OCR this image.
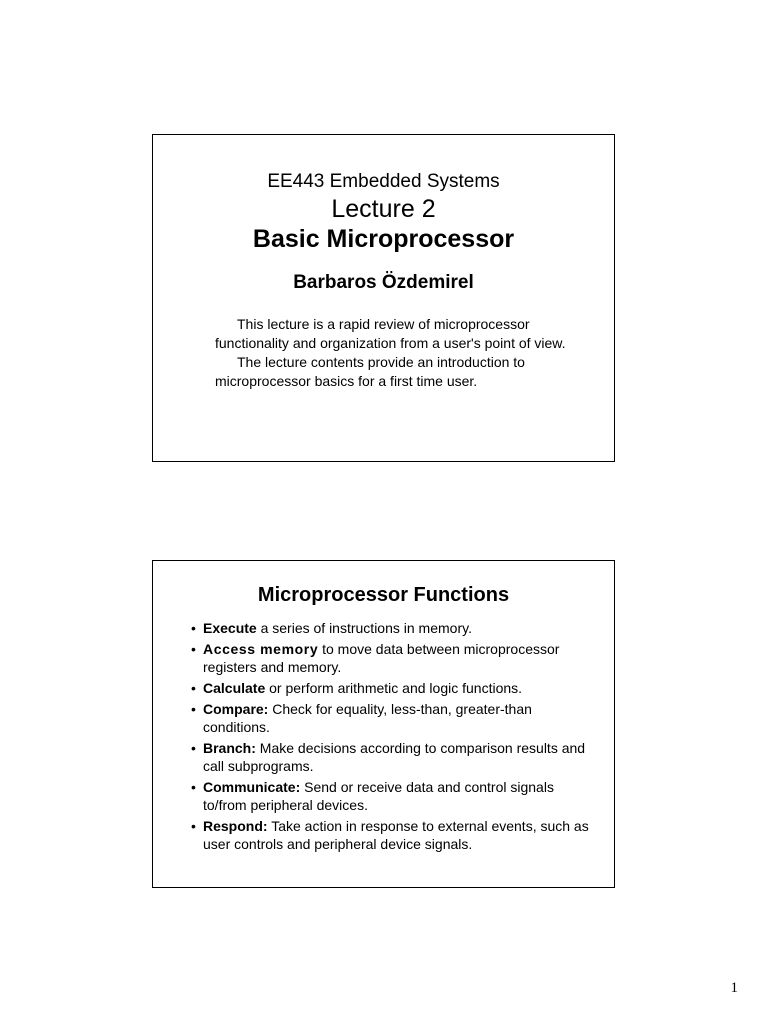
EE443 Embedded Systems
Lecture 2
Basic Microprocessor
Barbaros Özdemirel

This lecture is a rapid review of microprocessor functionality and organization from a user's point of view.

The lecture contents provide an introduction to microprocessor basics for a first time user.

Microprocessor Functions
• Execute a series of instructions in memory.
• Access memory to move data between microprocessor registers and memory.
• Calculate or perform arithmetic and logic functions.
• Compare: Check for equality, less-than, greater-than conditions.
• Branch: Make decisions according to comparison results and call subprograms.
• Communicate: Send or receive data and control signals to/from peripheral devices.
• Respond: Take action in response to external events, such as user controls and peripheral device signals.
1
